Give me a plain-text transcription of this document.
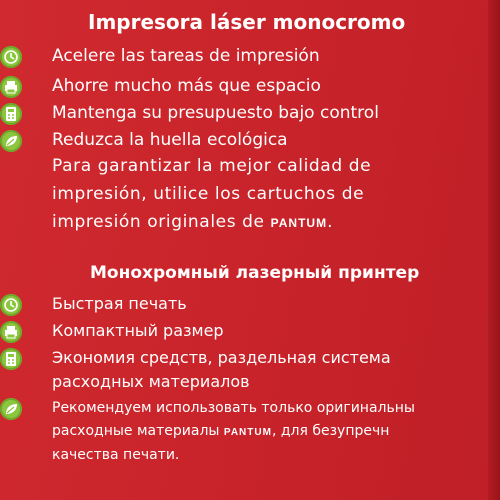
Impresora láser monocromo
Acelere las tareas de impresión
Ahorre mucho más que espacio
Mantenga su presupuesto bajo control
Reduzca la huella ecológica
Para garantizar la mejor calidad de
impresión, utilice los cartuchos de
impresión originales de PANTUM.
Монохромный лазерный принтер
Быстрая печать
Компактный размер
Экономия средств, раздельная система
расходных материалов
Рекомендуем использовать только оригинальны
расходные материалы PANTUM, для безупречн
качества печати.
